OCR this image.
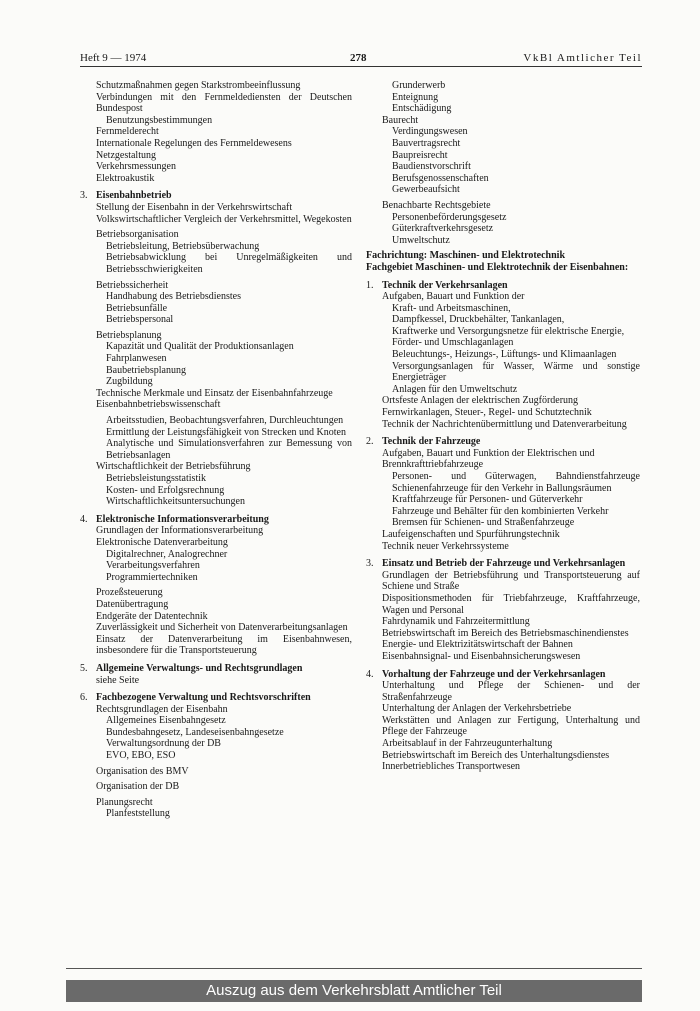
Heft 9 — 1974	278	VkBl Amtlicher Teil
Schutzmaßnahmen gegen Starkstrombeeinflussung
Verbindungen mit den Fernmeldediensten der Deutschen Bundespost
Benutzungsbestimmungen
Fernmelderecht
Internationale Regelungen des Fernmeldewesens
Netzgestaltung
Verkehrsmessungen
Elektroakustik
3. Eisenbahnbetrieb
Stellung der Eisenbahn in der Verkehrswirtschaft
Volkswirtschaftlicher Vergleich der Verkehrsmittel, Wegekosten
Betriebsorganisation
Betriebsleitung, Betriebsüberwachung
Betriebsabwicklung bei Unregelmäßigkeiten und Betriebsschwierigkeiten
Betriebssicherheit
Handhabung des Betriebsdienstes
Betriebsunfälle
Betriebspersonal
Betriebsplanung
Kapazität und Qualität der Produktionsanlagen
Fahrplanwesen
Baubetriebsplanung
Zugbildung
Technische Merkmale und Einsatz der Eisenbahnfahrzeuge
Eisenbahnbetriebswissenschaft
Arbeitsstudien, Beobachtungsverfahren, Durchleuchtungen
Ermittlung der Leistungsfähigkeit von Strecken und Knoten
Analytische und Simulationsverfahren zur Bemessung von Betriebsanlagen
Wirtschaftlichkeit der Betriebsführung
Betriebsleistungsstatistik
Kosten- und Erfolgsrechnung
Wirtschaftlichkeitsuntersuchungen
4. Elektronische Informationsverarbeitung
Grundlagen der Informationsverarbeitung
Elektronische Datenverarbeitung
Digitalrechner, Analogrechner
Verarbeitungsverfahren
Programmiertechniken
Prozeßsteuerung
Datenübertragung
Endgeräte der Datentechnik
Zuverlässigkeit und Sicherheit von Datenverarbeitungsanlagen
Einsatz der Datenverarbeitung im Eisenbahnwesen, insbesondere für die Transportsteuerung
5. Allgemeine Verwaltungs- und Rechtsgrundlagen
siehe Seite
6. Fachbezogene Verwaltung und Rechtsvorschriften
Rechtsgrundlagen der Eisenbahn
Allgemeines Eisenbahngesetz
Bundesbahngesetz, Landeseisenbahngesetze
Verwaltungsordnung der DB
EVO, EBO, ESO
Organisation des BMV
Organisation der DB
Planungsrecht
Planfeststellung
Grunderwerb
Enteignung
Entschädigung
Baurecht
Verdingungswesen
Bauvertragsrecht
Baupreisrecht
Baudienstvorschrift
Berufsgenossenschaften
Gewerbeaufsicht
Benachbarte Rechtsgebiete
Personenbeförderungsgesetz
Güterkraftverkehrsgesetz
Umweltschutz
Fachrichtung: Maschinen- und Elektrotechnik
Fachgebiet Maschinen- und Elektrotechnik der Eisenbahnen:
1. Technik der Verkehrsanlagen
Aufgaben, Bauart und Funktion der
Kraft- und Arbeitsmaschinen,
Dampfkessel, Druckbehälter, Tankanlagen,
Kraftwerke und Versorgungsnetze für elektrische Energie,
Förder- und Umschlaganlagen
Beleuchtungs-, Heizungs-, Lüftungs- und Klimaanlagen
Versorgungsanlagen für Wasser, Wärme und sonstige Energieträger
Anlagen für den Umweltschutz
Ortsfeste Anlagen der elektrischen Zugförderung
Fernwirkanlagen, Steuer-, Regel- und Schutztechnik
Technik der Nachrichtenübermittlung und Datenverarbeitung
2. Technik der Fahrzeuge
Aufgaben, Bauart und Funktion der Elektrischen und Brennkrafttriebfahrzeuge
Personen- und Güterwagen, Bahndienstfahrzeuge Schienenfahrzeuge für den Verkehr in Ballungsräumen
Kraftfahrzeuge für Personen- und Güterverkehr
Fahrzeuge und Behälter für den kombinierten Verkehr
Bremsen für Schienen- und Straßenfahrzeuge
Laufeigenschaften und Spurführungstechnik
Technik neuer Verkehrssysteme
3. Einsatz und Betrieb der Fahrzeuge und Verkehrsanlagen
Grundlagen der Betriebsführung und Transportsteuerung auf Schiene und Straße
Dispositionsmethoden für Triebfahrzeuge, Kraftfahrzeuge, Wagen und Personal
Fahrdynamik und Fahrzeitermittlung
Betriebswirtschaft im Bereich des Betriebsmaschinendienstes
Energie- und Elektrizitätswirtschaft der Bahnen
Eisenbahnsignal- und Eisenbahnsicherungswesen
4. Vorhaltung der Fahrzeuge und der Verkehrsanlagen
Unterhaltung und Pflege der Schienen- und der Straßenfahrzeuge
Unterhaltung der Anlagen der Verkehrsbetriebe
Werkstätten und Anlagen zur Fertigung, Unterhaltung und Pflege der Fahrzeuge
Arbeitsablauf in der Fahrzeugunterhaltung
Betriebswirtschaft im Bereich des Unterhaltungsdienstes
Innerbetriebliches Transportwesen
Auszug aus dem Verkehrsblatt Amtlicher Teil
